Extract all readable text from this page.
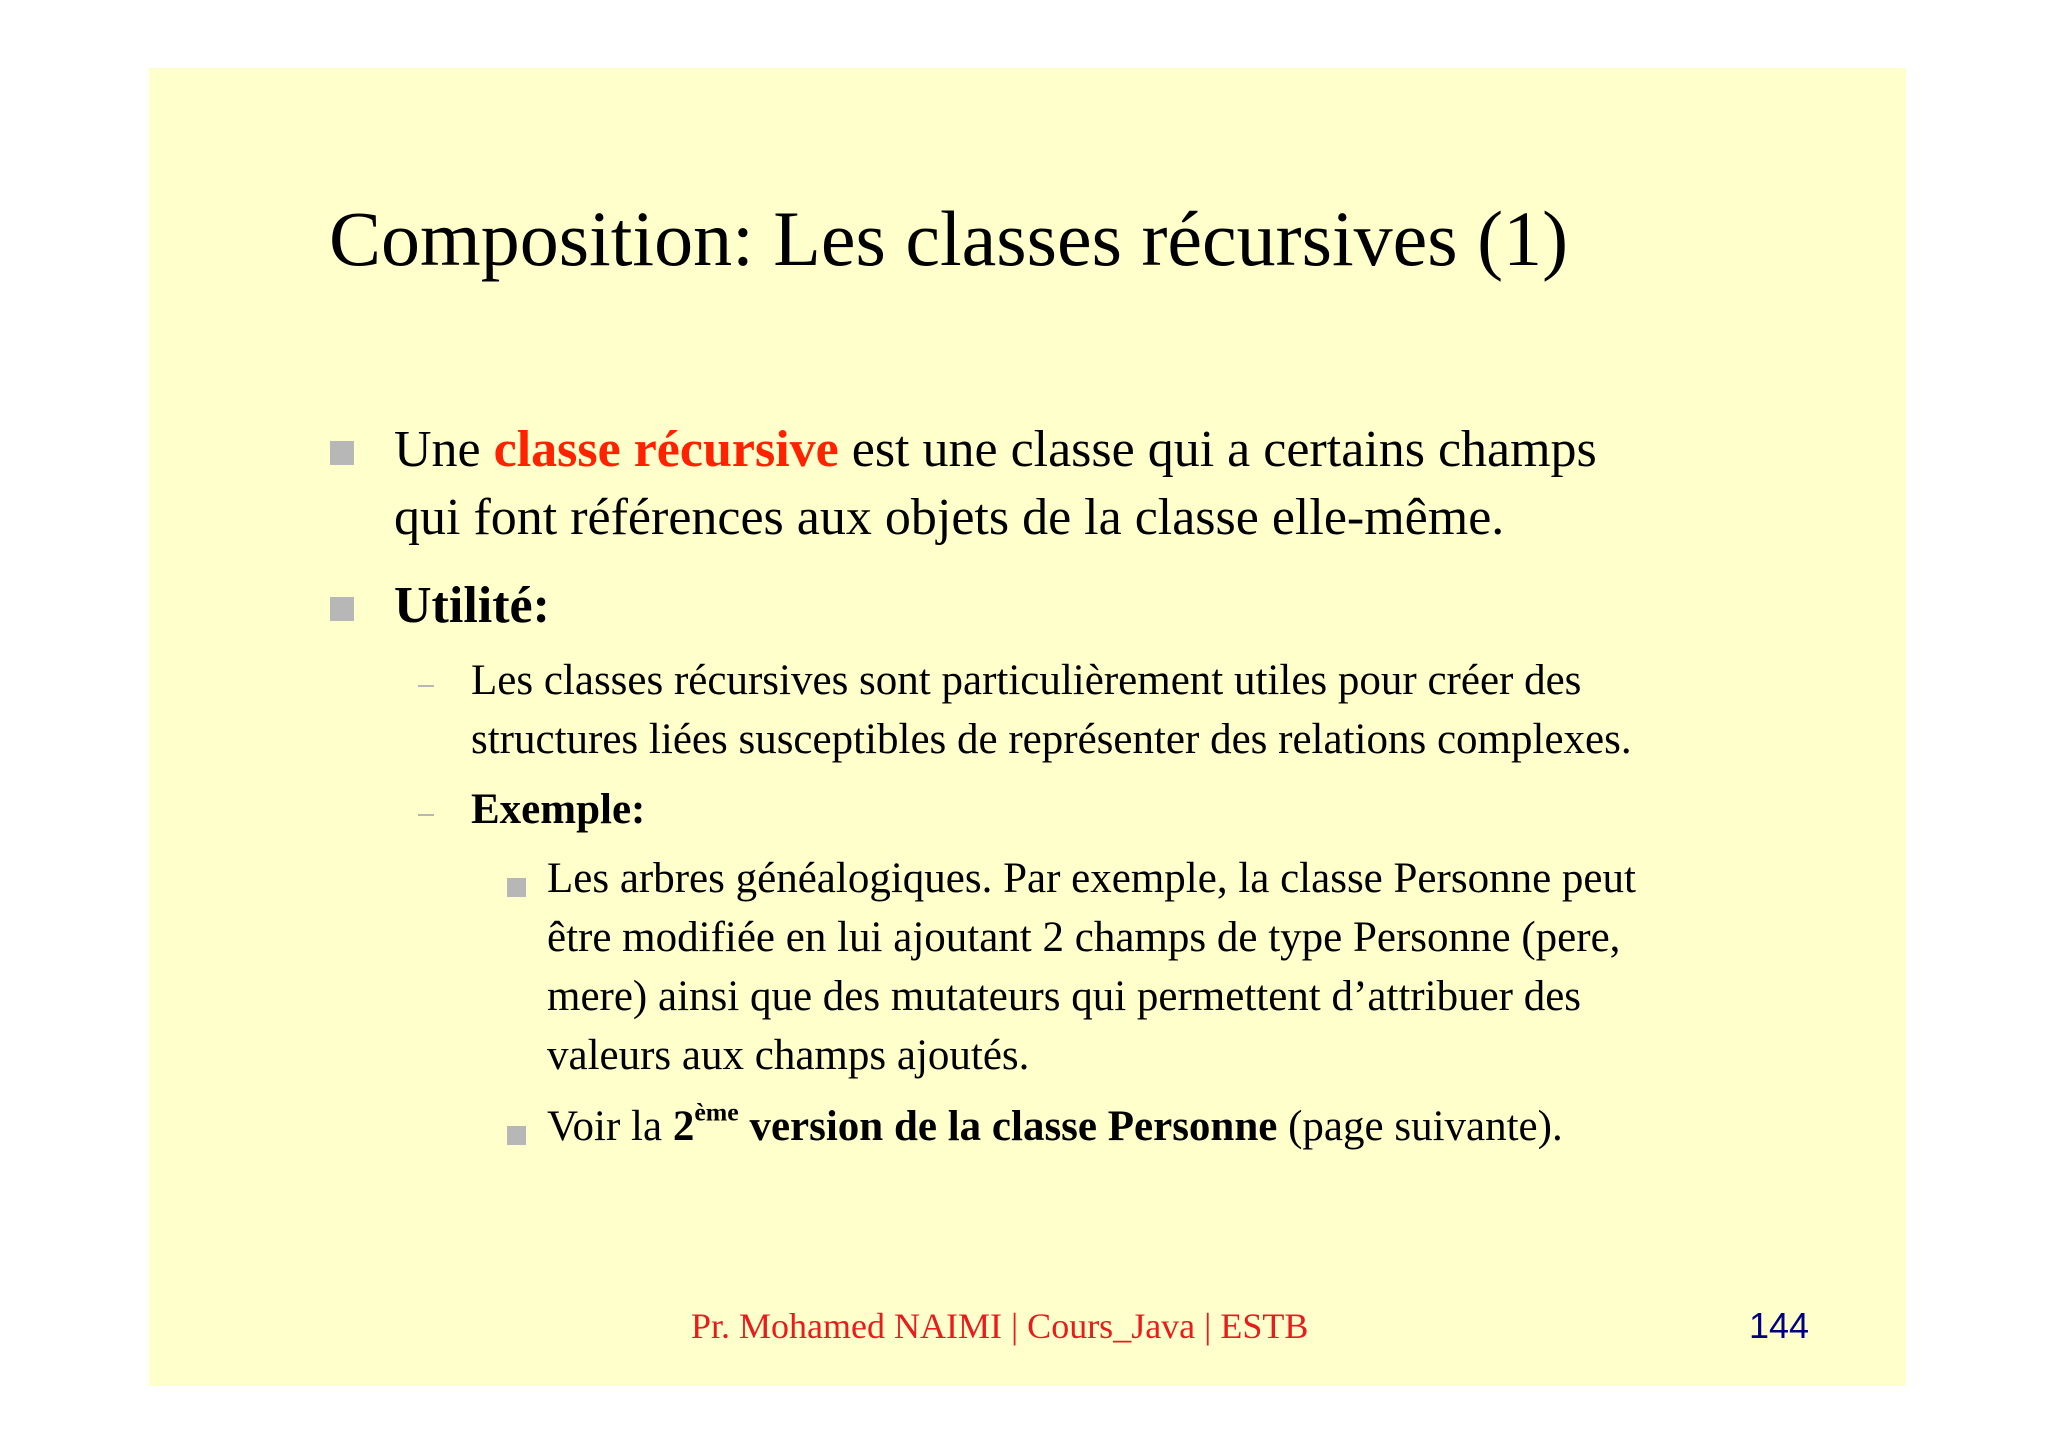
Composition: Les classes récursives (1)
Une classe récursive est une classe qui a certains champs
qui font références aux objets de la classe elle-même.
Utilité:
Les classes récursives sont particulièrement utiles pour créer des
structures liées susceptibles de représenter des relations complexes.
Exemple:
Les arbres généalogiques. Par exemple, la classe Personne peut
être modifiée en lui ajoutant 2 champs de type Personne (pere,
mere) ainsi que des mutateurs qui permettent d’attribuer des
valeurs aux champs ajoutés.
Voir la 2ème version de la classe Personne (page suivante).
Pr. Mohamed NAIMI | Cours_Java | ESTB	144
